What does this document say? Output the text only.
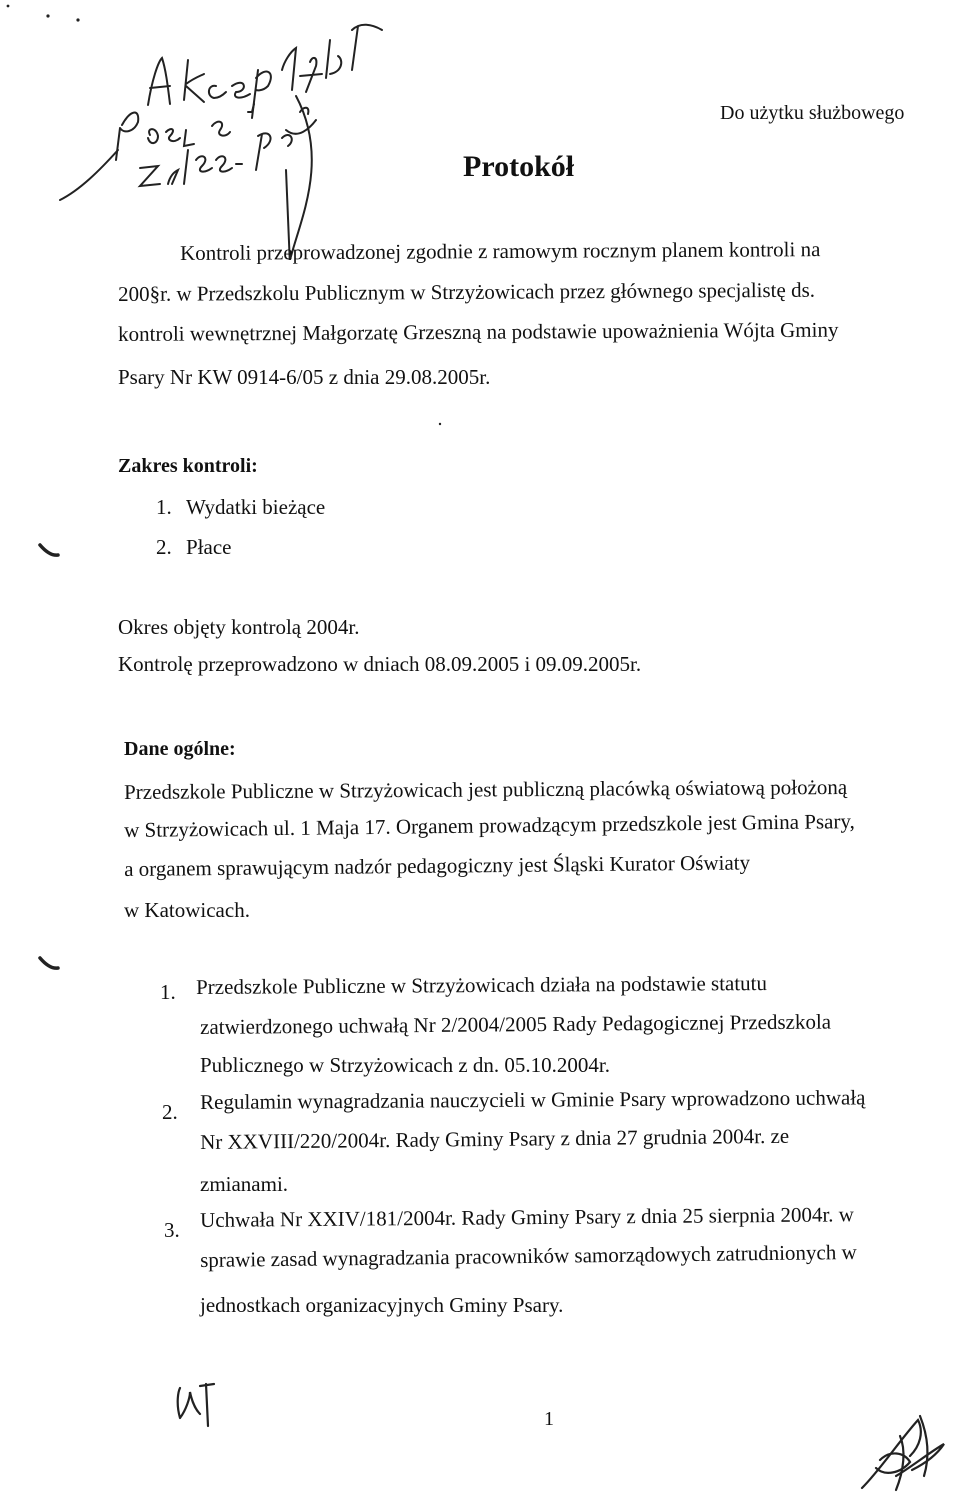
Do użytku służbowego
Protokół
Kontroli przeprowadzonej zgodnie z ramowym rocznym planem kontroli na
200§r. w Przedszkolu Publicznym w Strzyżowicach przez głównego specjalistę ds.
kontroli wewnętrznej Małgorzatę Grzeszną na podstawie upoważnienia Wójta Gminy
Psary Nr KW 0914-6/05 z dnia 29.08.2005r.
Zakres kontroli:
1. Wydatki bieżące
2. Płace
Okres objęty kontrolą 2004r.
Kontrolę przeprowadzono w dniach 08.09.2005 i 09.09.2005r.
Dane ogólne:
Przedszkole Publiczne w Strzyżowicach jest publiczną placówką oświatową położoną
w Strzyżowicach ul. 1 Maja 17. Organem prowadzącym przedszkole jest Gmina Psary,
a organem sprawującym nadzór pedagogiczny jest Śląski Kurator Oświaty
w Katowicach.
1. Przedszkole Publiczne w Strzyżowicach działa na podstawie statutu
zatwierdzonego uchwałą Nr 2/2004/2005 Rady Pedagogicznej Przedszkola
Publicznego w Strzyżowicach z dn. 05.10.2004r.
2. Regulamin wynagradzania nauczycieli w Gminie Psary wprowadzono uchwałą
Nr XXVIII/220/2004r. Rady Gminy Psary z dnia 27 grudnia 2004r. ze
zmianami.
3. Uchwała Nr XXIV/181/2004r. Rady Gminy Psary z dnia 25 sierpnia 2004r. w
sprawie zasad wynagradzania pracowników samorządowych zatrudnionych w
jednostkach organizacyjnych Gminy Psary.
1
